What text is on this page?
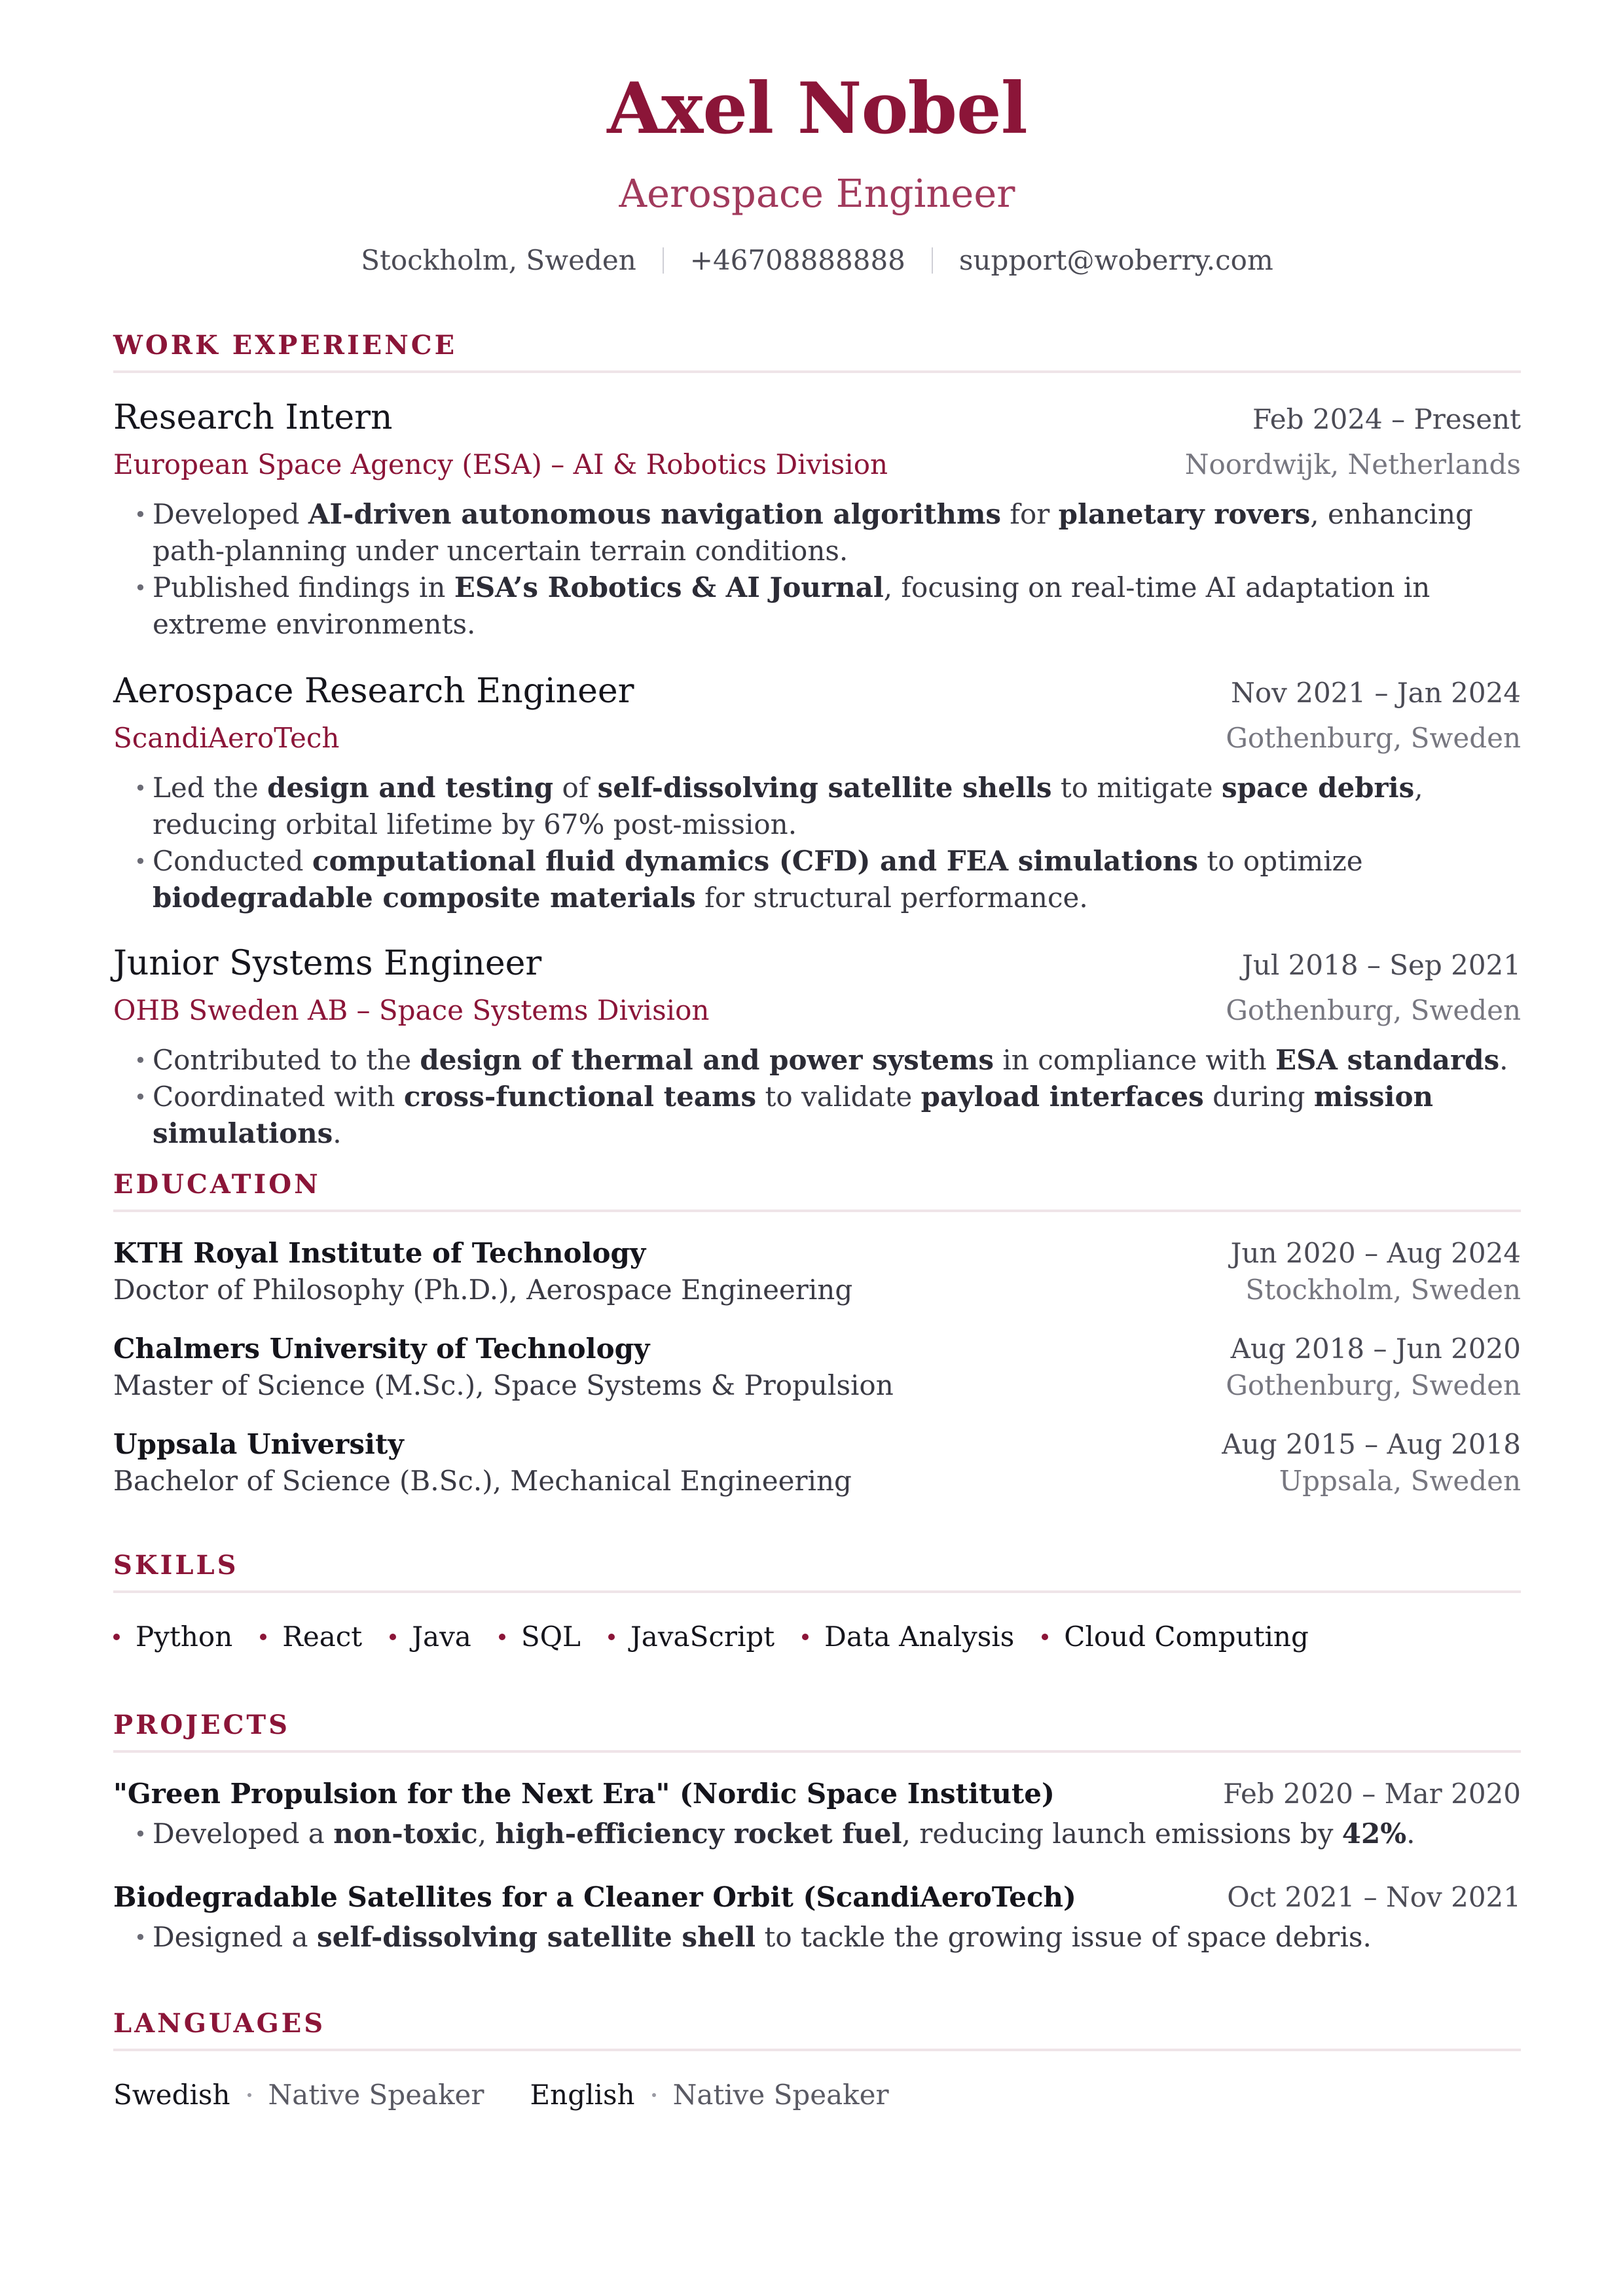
Axel Nobel
Aerospace Engineer
Stockholm, Sweden +46708888888 support@woberry.com
WORK EXPERIENCE
Research Intern	Feb 2024 – Present
European Space Agency (ESA) – AI & Robotics Division	Noordwijk, Netherlands
• Developed AI-driven autonomous navigation algorithms for planetary rovers, enhancing path-planning under uncertain terrain conditions.
• Published findings in ESA’s Robotics & AI Journal, focusing on real-time AI adaptation in extreme environments.
Aerospace Research Engineer	Nov 2021 – Jan 2024
ScandiAeroTech	Gothenburg, Sweden
• Led the design and testing of self-dissolving satellite shells to mitigate space debris, reducing orbital lifetime by 67% post-mission.
• Conducted computational fluid dynamics (CFD) and FEA simulations to optimize biodegradable composite materials for structural performance.
Junior Systems Engineer	Jul 2018 – Sep 2021
OHB Sweden AB – Space Systems Division	Gothenburg, Sweden
• Contributed to the design of thermal and power systems in compliance with ESA standards.
• Coordinated with cross-functional teams to validate payload interfaces during mission simulations.
EDUCATION
KTH Royal Institute of Technology	Jun 2020 – Aug 2024
Doctor of Philosophy (Ph.D.), Aerospace Engineering	Stockholm, Sweden
Chalmers University of Technology	Aug 2018 – Jun 2020
Master of Science (M.Sc.), Space Systems & Propulsion	Gothenburg, Sweden
Uppsala University	Aug 2015 – Aug 2018
Bachelor of Science (B.Sc.), Mechanical Engineering	Uppsala, Sweden
SKILLS
Python React Java SQL JavaScript Data Analysis Cloud Computing
PROJECTS
"Green Propulsion for the Next Era" (Nordic Space Institute)	Feb 2020 – Mar 2020
• Developed a non-toxic, high-efficiency rocket fuel, reducing launch emissions by 42%.
Biodegradable Satellites for a Cleaner Orbit (ScandiAeroTech)	Oct 2021 – Nov 2021
• Designed a self-dissolving satellite shell to tackle the growing issue of space debris.
LANGUAGES
Swedish Native Speaker English Native Speaker
